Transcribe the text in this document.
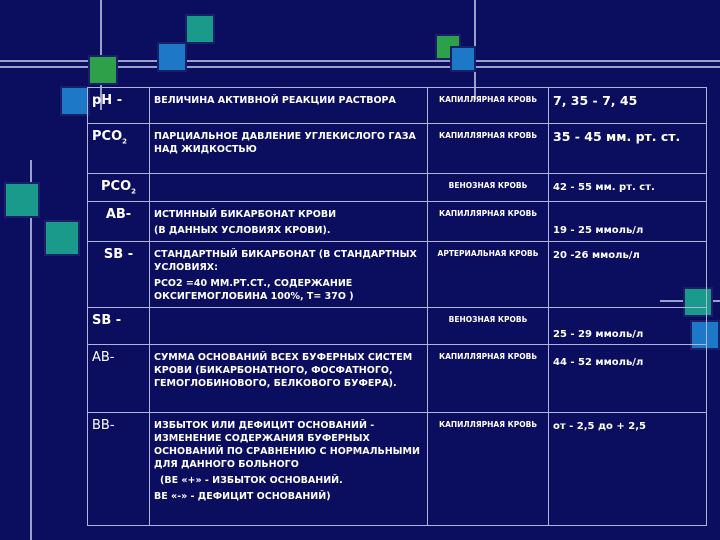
pH -	ВЕЛИЧИНА АКТИВНОЙ РЕАКЦИИ РАСТВОРА	КАПИЛЛЯРНАЯ КРОВЬ	7, 35 - 7, 45
$PCO_2$	ПАРЦИАЛЬНОЕ ДАВЛЕНИЕ УГЛЕКИСЛОГО ГАЗА НАД ЖИДКОСТЬЮ	КАПИЛЛЯРНАЯ КРОВЬ	35 - 45 мм. рт. ст.
$PCO_2$		ВЕНОЗНАЯ КРОВЬ	42 - 55 мм. рт. ст.
AB-	ИСТИННЫЙ БИКАРБОНАТ КРОВИ
(В ДАННЫХ УСЛОВИЯХ КРОВИ).	КАПИЛЛЯРНАЯ КРОВЬ	19 - 25 ммоль/л
SB -	СТАНДАРТНЫЙ БИКАРБОНАТ (В СТАНДАРТНЫХ УСЛОВИЯХ:
PCO2 =40 ММ.РТ.СТ., СОДЕРЖАНИЕ ОКСИГЕМОГЛОБИНА 100%, Т= 37О )	АРТЕРИАЛЬНАЯ КРОВЬ	20 -26 ммоль/л
SB -		ВЕНОЗНАЯ КРОВЬ	25 - 29 ммоль/л
АВ-	СУММА ОСНОВАНИЙ ВСЕХ БУФЕРНЫХ СИСТЕМ КРОВИ (БИКАРБОНАТНОГО, ФОСФАТНОГО, ГЕМОГЛОБИНОВОГО, БЕЛКОВОГО БУФЕРА).	КАПИЛЛЯРНАЯ КРОВЬ	44 - 52 ммоль/л
ВВ-	ИЗБЫТОК ИЛИ ДЕФИЦИТ ОСНОВАНИЙ - ИЗМЕНЕНИЕ СОДЕРЖАНИЯ БУФЕРНЫХ ОСНОВАНИЙ ПО СРАВНЕНИЮ С НОРМАЛЬНЫМИ ДЛЯ ДАННОГО БОЛЬНОГО
(ВЕ «+» - ИЗБЫТОК ОСНОВАНИЙ.
ВЕ «-» - ДЕФИЦИТ ОСНОВАНИЙ)	КАПИЛЛЯРНАЯ КРОВЬ	от - 2,5 до + 2,5
